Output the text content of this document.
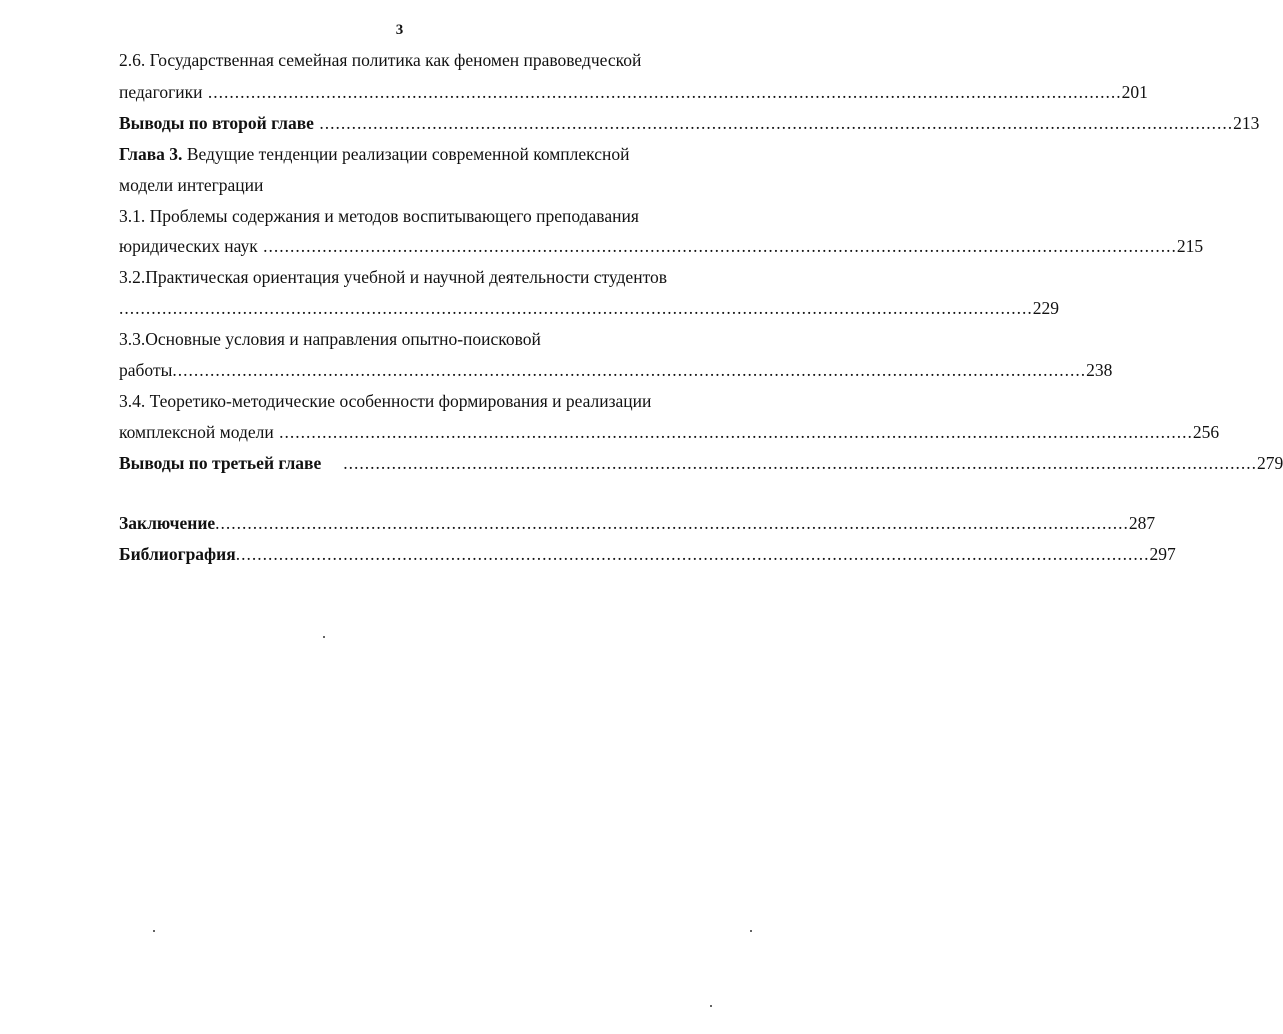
3
2.6. Государственная семейная политика как феномен правоведческой
педагогики .......................................................................................................................................................................... 201
Выводы по второй главе .......................................................................................................................................................................... 213
Глава 3. Ведущие тенденции реализации современной комплексной
модели интеграции
3.1. Проблемы содержания и методов воспитывающего преподавания
юридических наук .......................................................................................................................................................................... 215
3.2.Практическая ориентация учебной и научной деятельности студентов
.......................................................................................................................................................................... 229
3.3.Основные условия и направления опытно-поисковой
работы .......................................................................................................................................................................... 238
3.4. Теоретико-методические особенности формирования и реализации
комплексной модели .......................................................................................................................................................................... 256
Выводы по третьей главе	.......................................................................................................................................................................... 279
Заключение .......................................................................................................................................................................... 287
Библиография .......................................................................................................................................................................... 297
